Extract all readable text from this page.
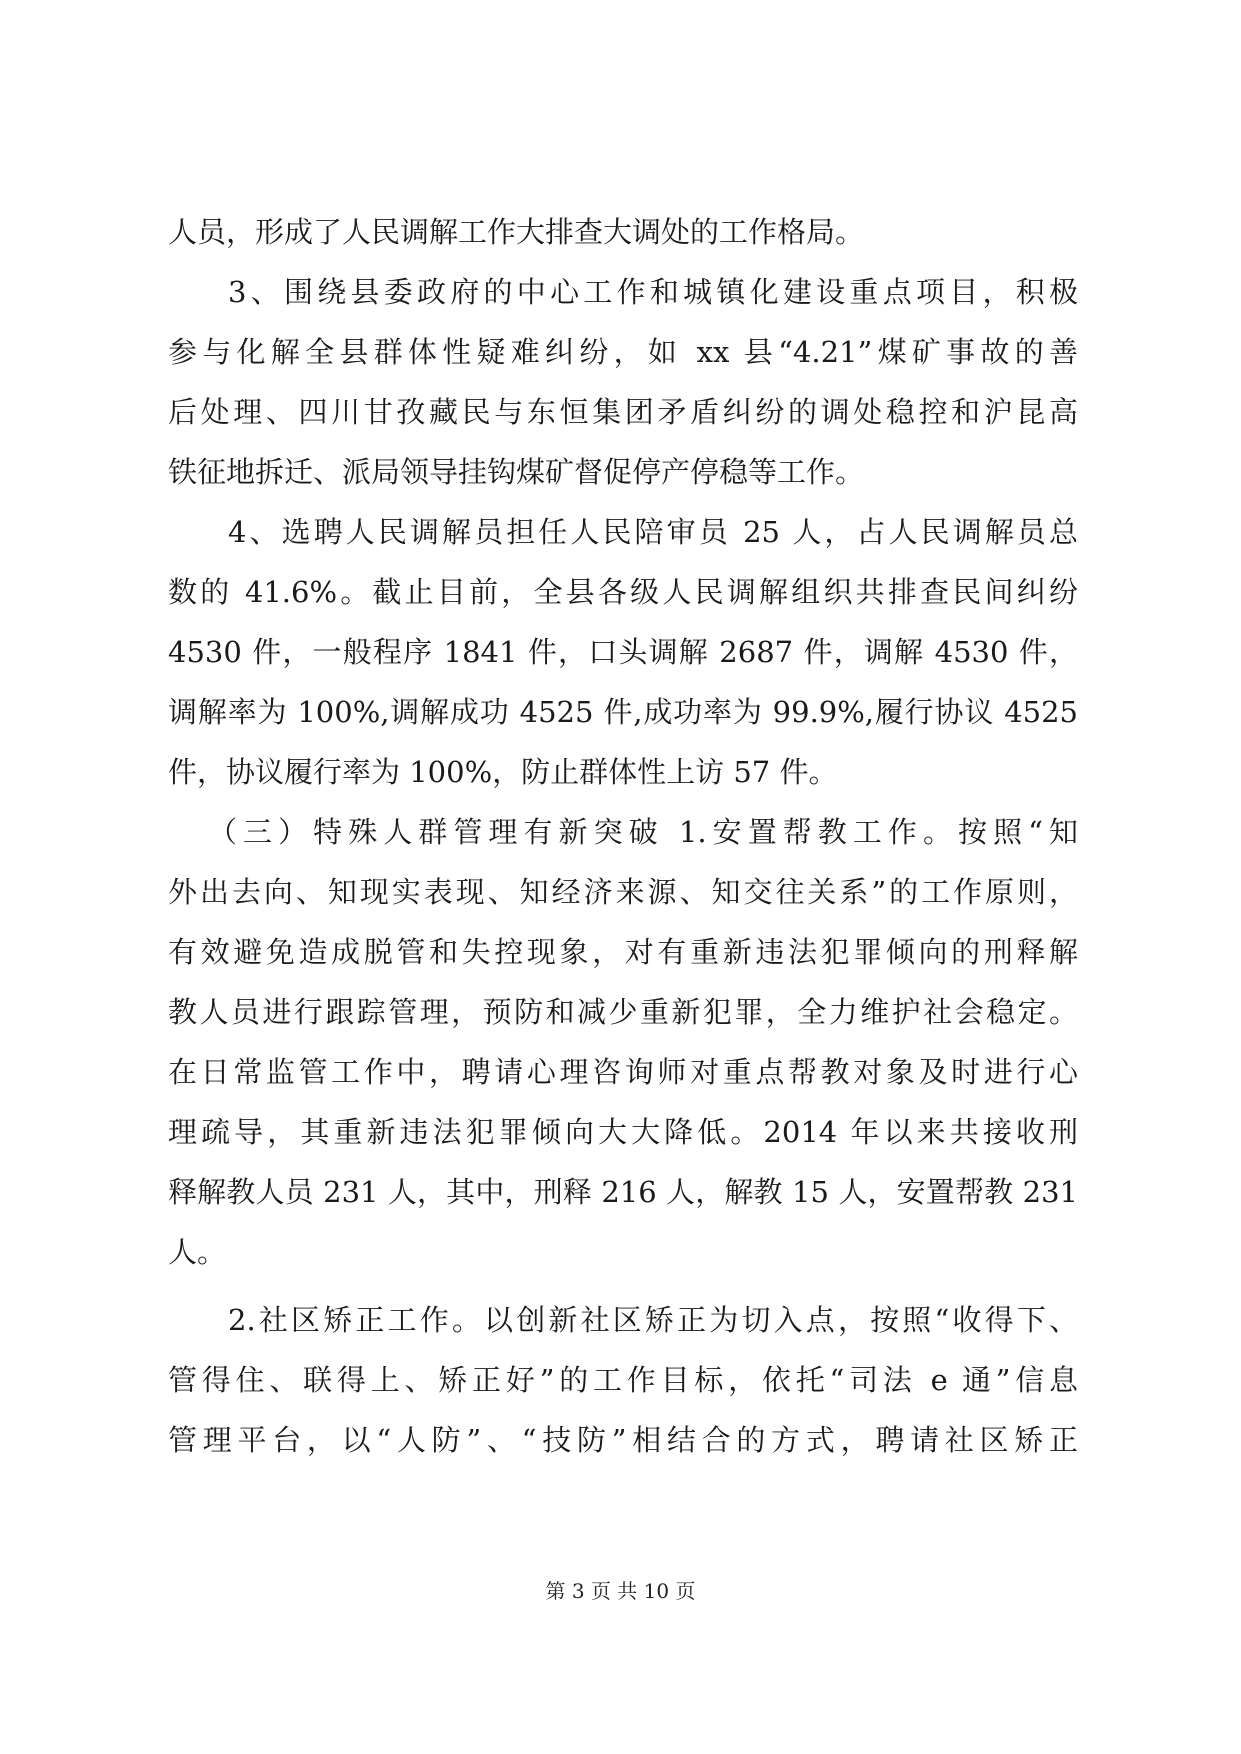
人员，形成了人民调解工作大排查大调处的工作格局。
3、围绕县委政府的中心工作和城镇化建设重点项目，积极
参与化解全县群体性疑难纠纷，如 xx 县“4.21”煤矿事故的善
后处理、四川甘孜藏民与东恒集团矛盾纠纷的调处稳控和沪昆高
铁征地拆迁、派局领导挂钩煤矿督促停产停稳等工作。
4、选聘人民调解员担任人民陪审员 25 人，占人民调解员总
数的 41.6%。截止目前，全县各级人民调解组织共排查民间纠纷
4530 件，一般程序 1841 件，口头调解 2687 件，调解 4530 件，
调解率为 100%,调解成功 4525 件,成功率为 99.9%,履行协议 4525
件，协议履行率为 100%，防止群体性上访 57 件。
（三）特殊人群管理有新突破 1.安置帮教工作。按照“知
外出去向、知现实表现、知经济来源、知交往关系”的工作原则，
有效避免造成脱管和失控现象，对有重新违法犯罪倾向的刑释解
教人员进行跟踪管理，预防和减少重新犯罪，全力维护社会稳定。
在日常监管工作中，聘请心理咨询师对重点帮教对象及时进行心
理疏导，其重新违法犯罪倾向大大降低。2014 年以来共接收刑
释解教人员 231 人，其中，刑释 216 人，解教 15 人，安置帮教 231
人。
2.社区矫正工作。以创新社区矫正为切入点，按照“收得下、
管得住、联得上、矫正好”的工作目标，依托“司法 e 通”信息
管理平台，以“人防”、“技防”相结合的方式，聘请社区矫正
第 3 页 共 10 页
